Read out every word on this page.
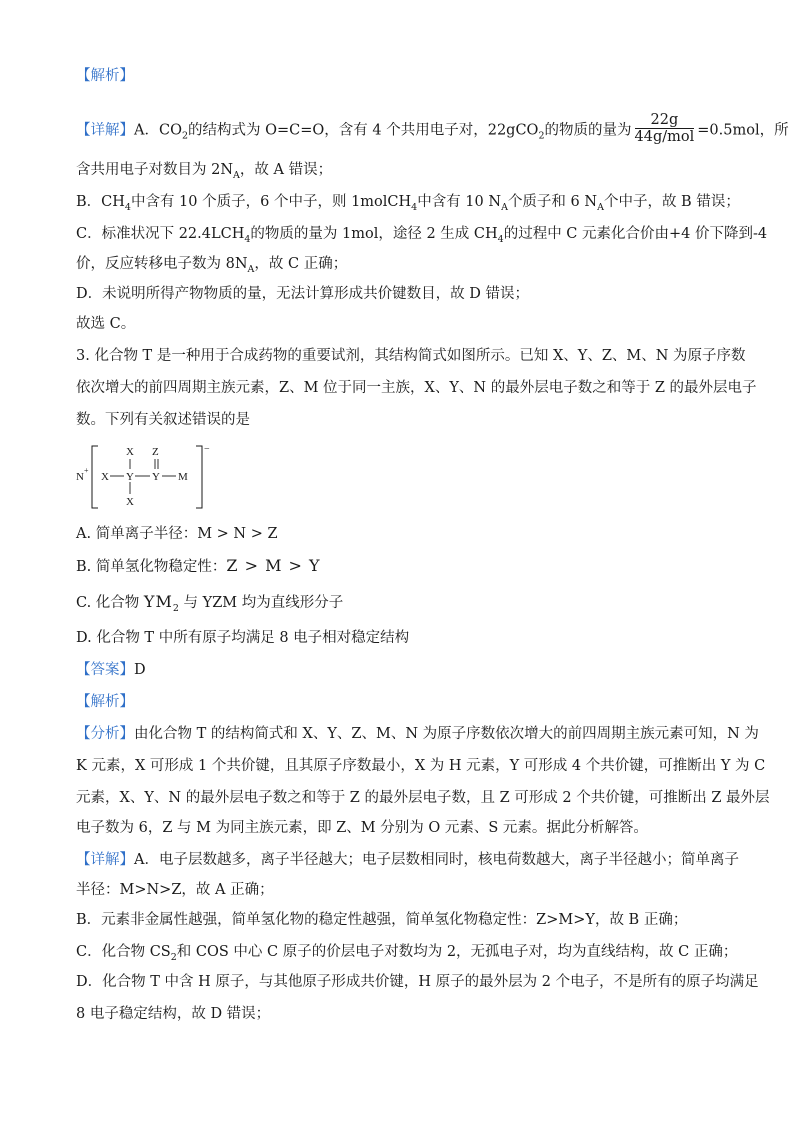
【解析】
【详解】A．$CO_2$的结构式为 O=C=O，含有 4 个共用电子对，22gCO$_2$的物质的量为 $\frac{22g}{\text{44g/mol}} =0.5mol$，所
含共用电子对数目为 $2N_A$，故 A 错误；
B．$CH_4$中含有 10 个质子，6 个中子，则 1molCH$_4$中含有 10 $N_A$个质子和 6 $N_A$个中子，故 B 错误；
C．标准状况下 $22.4LCH_4$的物质的量为 1mol，途径 2 生成 $CH_4$的过程中 C 元素化合价由+4 价下降到-4
价，反应转移电子数为 $8N_A$，故 C 正确；
D．未说明所得产物物质的量，无法计算形成共价键数目，故 D 错误；
故选 C。
3. 化合物 T 是一种用于合成药物的重要试剂，其结构简式如图所示。已知 X、Y、Z、M、N 为原子序数
依次增大的前四周期主族元素，Z、M 位于同一主族，X、Y、N 的最外层电子数之和等于 Z 的最外层电子
数。下列有关叙述错误的是
N
+
−
X Y
X
X
Y
Z
M
A. 简单离子半径：M > N > Z
B. 简单氢化物稳定性：Z > M > Y
C. 化合物 $YM_2$ 与 YZM 均为直线形分子
D. 化合物 T 中所有原子均满足 8 电子相对稳定结构
【答案】D
【解析】
【分析】由化合物 T 的结构简式和 X、Y、Z、M、N 为原子序数依次增大的前四周期主族元素可知，N 为
K 元素，X 可形成 1 个共价键，且其原子序数最小，X 为 H 元素，Y 可形成 4 个共价键，可推断出 Y 为 C
元素，X、Y、N 的最外层电子数之和等于 Z 的最外层电子数，且 Z 可形成 2 个共价键，可推断出 Z 最外层
电子数为 6，Z 与 M 为同主族元素，即 Z、M 分别为 O 元素、S 元素。据此分析解答。
【详解】A．电子层数越多，离子半径越大；电子层数相同时，核电荷数越大，离子半径越小；简单离子
半径：M>N>Z，故 A 正确；
B．元素非金属性越强，简单氢化物的稳定性越强，简单氢化物稳定性：Z>M>Y，故 B 正确；
C．化合物 $CS_2$和 COS 中心 C 原子的价层电子对数均为 2，无孤电子对，均为直线结构，故 C 正确；
D．化合物 T 中含 H 原子，与其他原子形成共价键，H 原子的最外层为 2 个电子，不是所有的原子均满足
8 电子稳定结构，故 D 错误；
